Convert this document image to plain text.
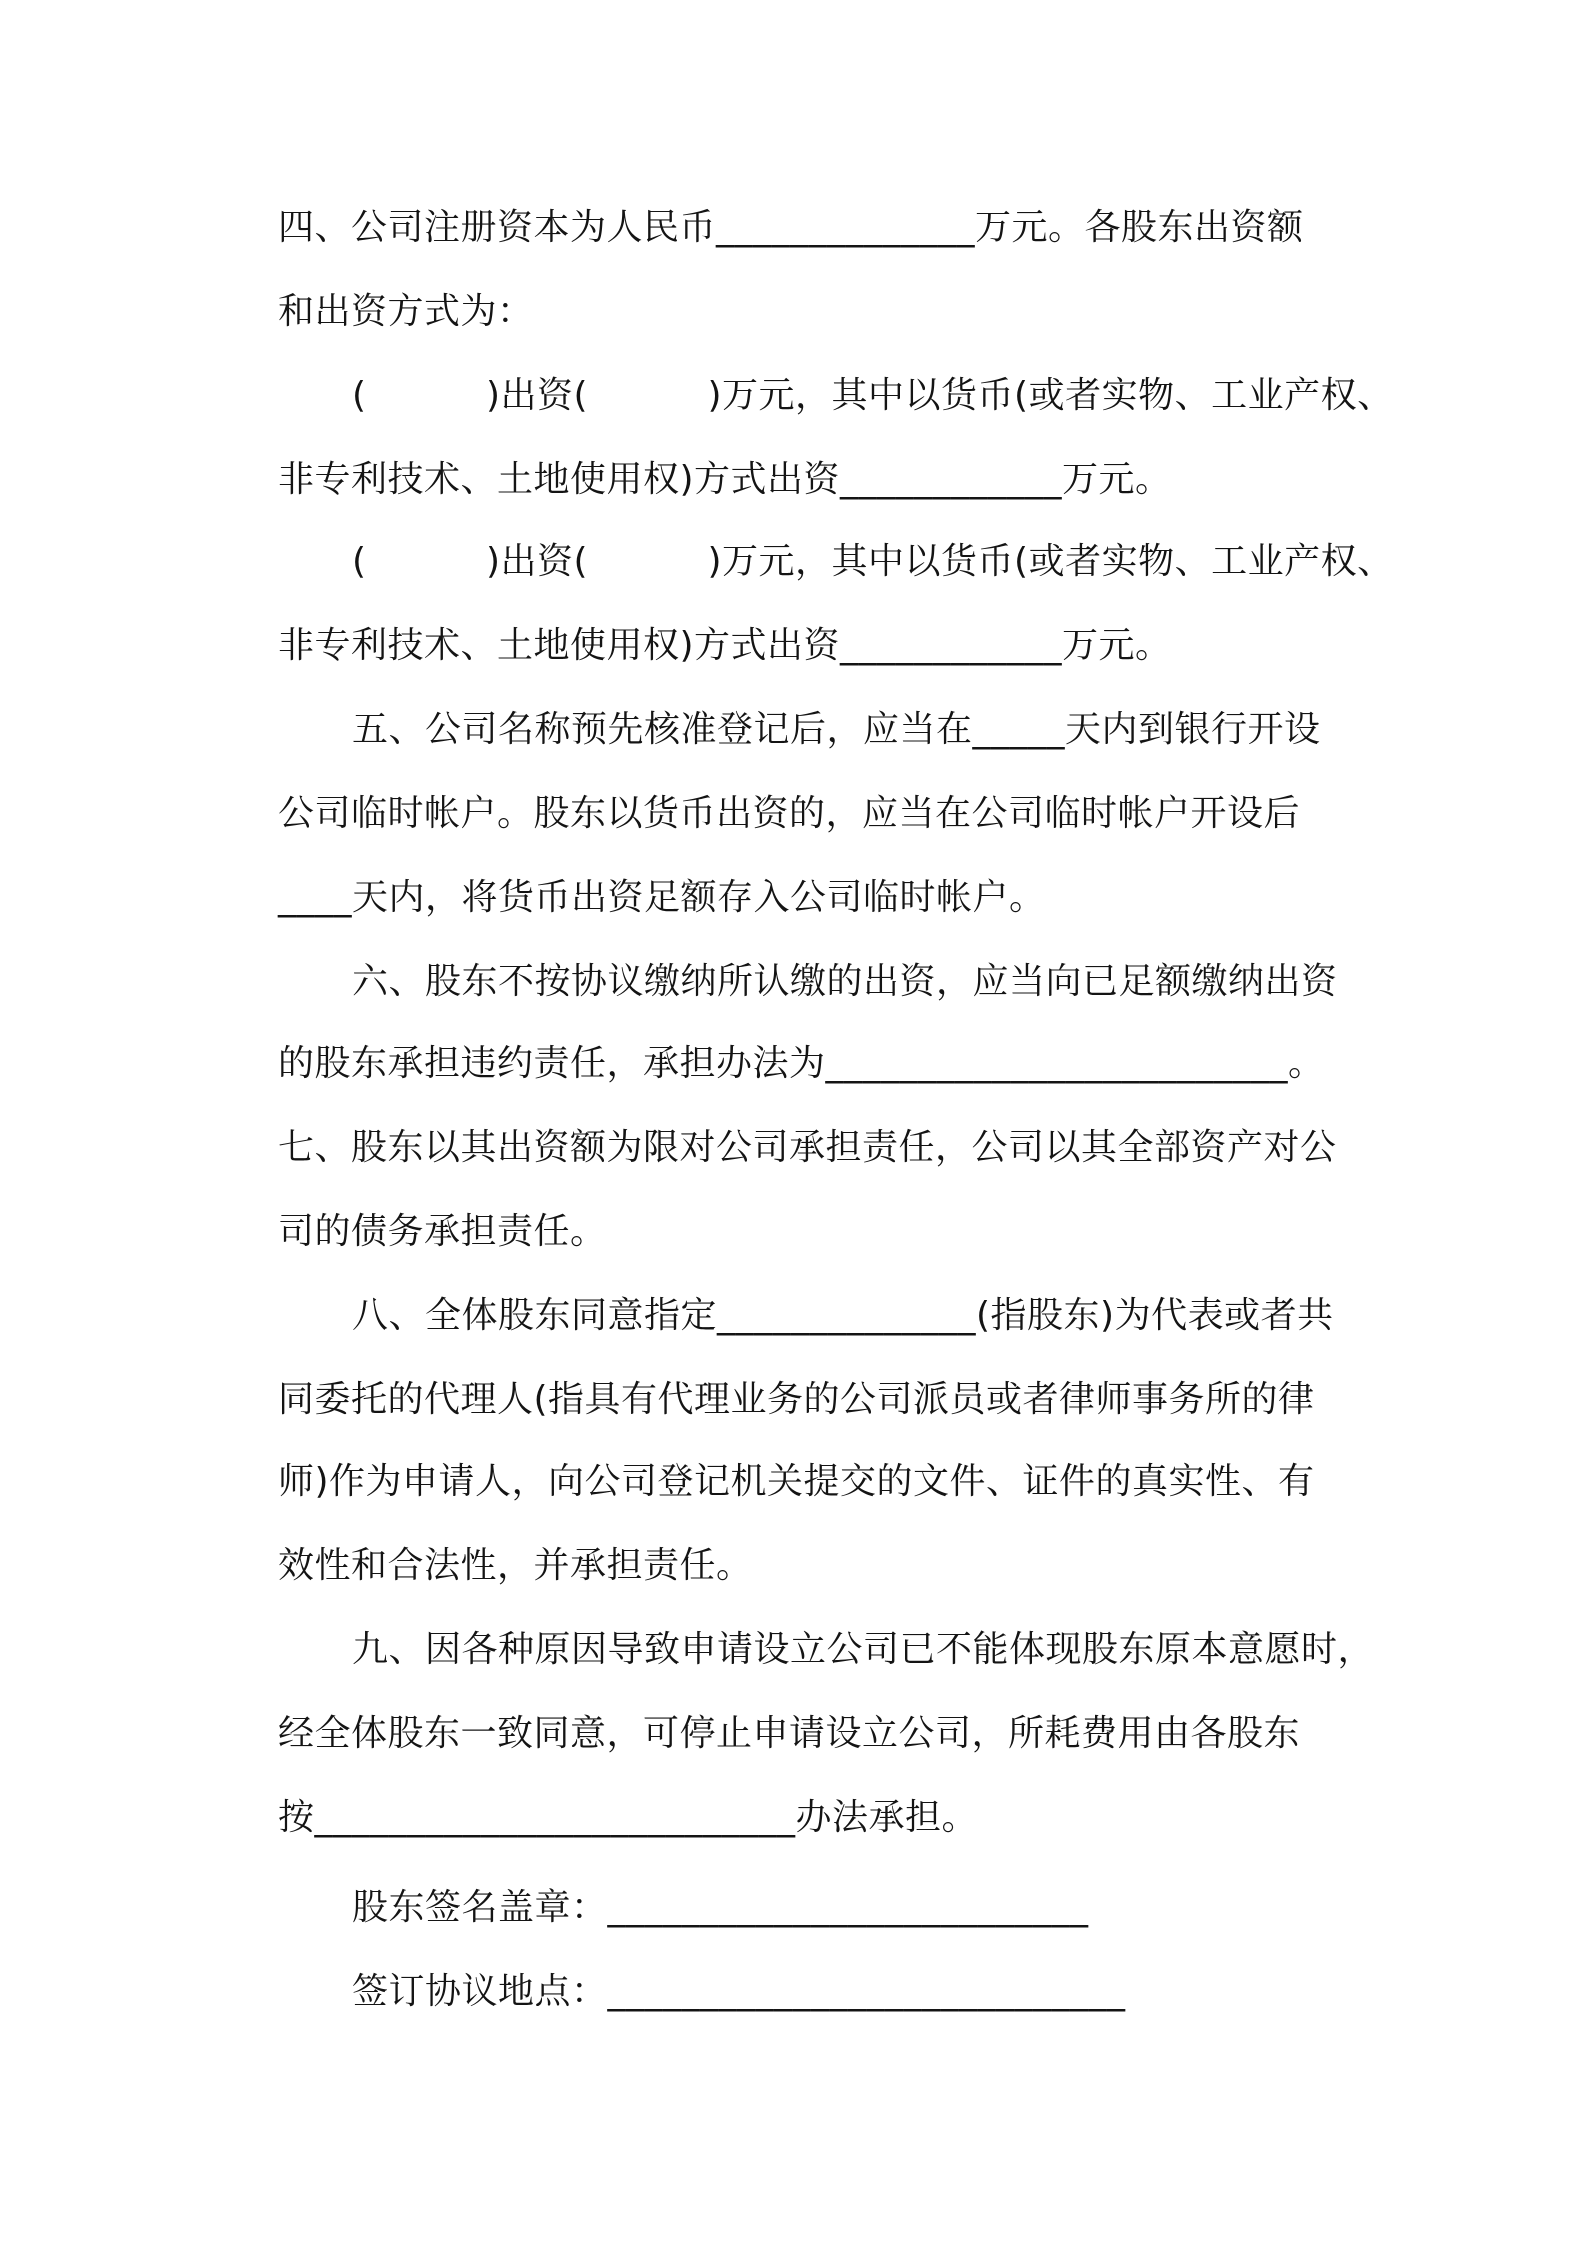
四、公司注册资本为人民币______________万元。各股东出资额
和出资方式为：
(          )出资(          )万元，其中以货币(或者实物、工业产权、
非专利技术、土地使用权)方式出资____________万元。
(          )出资(          )万元，其中以货币(或者实物、工业产权、
非专利技术、土地使用权)方式出资____________万元。
五、公司名称预先核准登记后，应当在_____天内到银行开设
公司临时帐户。股东以货币出资的，应当在公司临时帐户开设后
____天内，将货币出资足额存入公司临时帐户。
六、股东不按协议缴纳所认缴的出资，应当向已足额缴纳出资
的股东承担违约责任，承担办法为_________________________。
七、股东以其出资额为限对公司承担责任，公司以其全部资产对公
司的债务承担责任。
八、全体股东同意指定______________(指股东)为代表或者共
同委托的代理人(指具有代理业务的公司派员或者律师事务所的律
师)作为申请人，向公司登记机关提交的文件、证件的真实性、有
效性和合法性，并承担责任。
九、因各种原因导致申请设立公司已不能体现股东原本意愿时，
经全体股东一致同意，可停止申请设立公司，所耗费用由各股东
按__________________________办法承担。
股东签名盖章：__________________________
签订协议地点：____________________________
